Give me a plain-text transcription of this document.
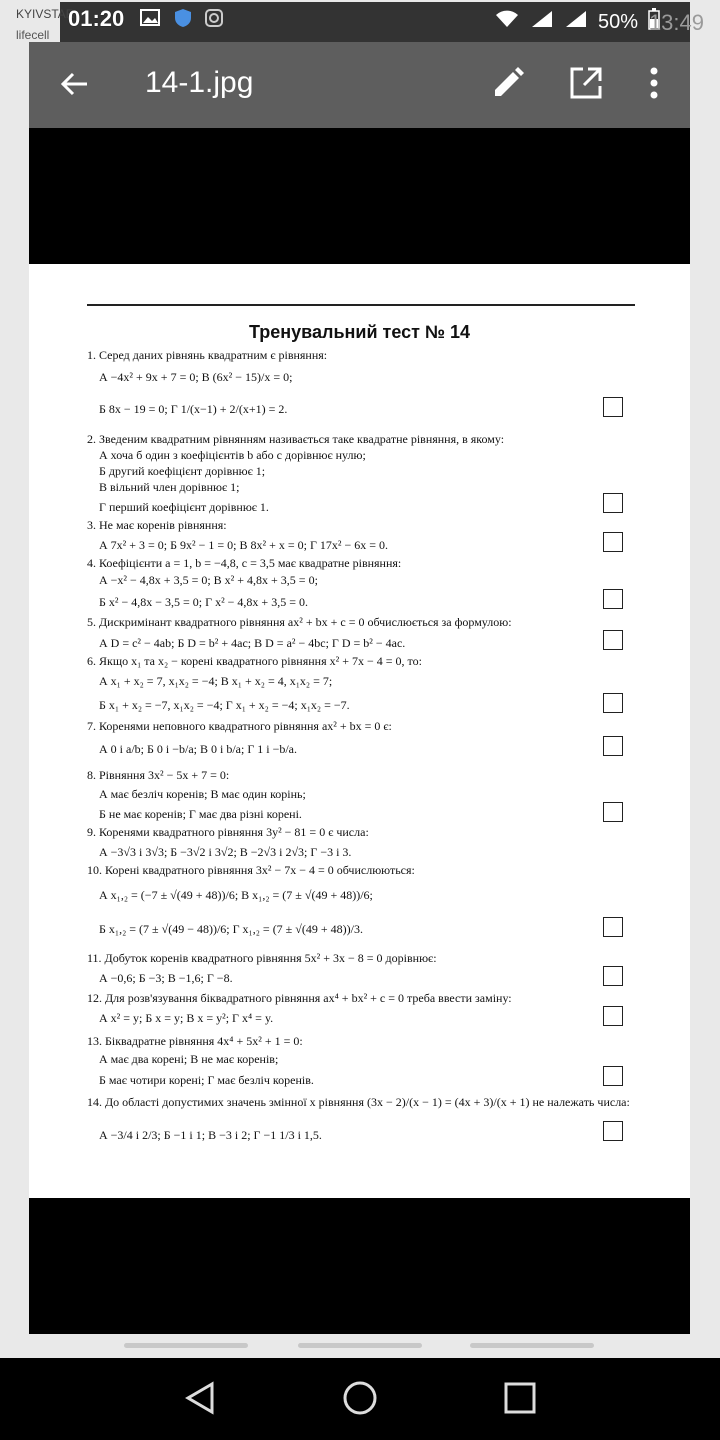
KYIVSTAR
lifecell
01:20	50% 13:49
14-1.jpg
Тренувальний тест № 14
1. Серед даних рівнянь квадратним є рівняння:
А −4x² + 9x + 7 = 0; В (6x² − 15)/x = 0;
Б 8x − 19 = 0; Г 1/(x−1) + 2/(x+1) = 2.
2. Зведеним квадратним рівнянням називається таке квадратне рівняння, в якому:
А хоча б один з коефіцієнтів b або c дорівнює нулю;
Б другий коефіцієнт дорівнює 1;
В вільний член дорівнює 1;
Г перший коефіцієнт дорівнює 1.
3. Не має коренів рівняння:
А 7x² + 3 = 0; Б 9x² − 1 = 0; В 8x² + x = 0; Г 17x² − 6x = 0.
4. Коефіцієнти a = 1, b = −4,8, c = 3,5 має квадратне рівняння:
А −x² − 4,8x + 3,5 = 0; В x² + 4,8x + 3,5 = 0;
Б x² − 4,8x − 3,5 = 0; Г x² − 4,8x + 3,5 = 0.
5. Дискримінант квадратного рівняння ax² + bx + c = 0 обчислюється за формулою:
А D = c² − 4ab; Б D = b² + 4ac; В D = a² − 4bc; Г D = b² − 4ac.
6. Якщо x₁ та x₂ − корені квадратного рівняння x² + 7x − 4 = 0, то:
А x₁ + x₂ = 7, x₁x₂ = −4; В x₁ + x₂ = 4, x₁x₂ = 7;
Б x₁ + x₂ = −7, x₁x₂ = −4; Г x₁ + x₂ = −4; x₁x₂ = −7.
7. Коренями неповного квадратного рівняння ax² + bx = 0 є:
А 0 і a/b; Б 0 і −b/a; В 0 і b/a; Г 1 і −b/a.
8. Рівняння 3x² − 5x + 7 = 0:
А має безліч коренів; В має один корінь;
Б не має коренів; Г має два різні корені.
9. Коренями квадратного рівняння 3y² − 81 = 0 є числа:
А −3√3 і 3√3; Б −3√2 і 3√2; В −2√3 і 2√3; Г −3 і 3.
10. Корені квадратного рівняння 3x² − 7x − 4 = 0 обчислюються:
А x₁,₂ = (−7 ± √(49 + 48))/6; В x₁,₂ = (7 ± √(49 + 48))/6;
Б x₁,₂ = (7 ± √(49 − 48))/6; Г x₁,₂ = (7 ± √(49 + 48))/3.
11. Добуток коренів квадратного рівняння 5x² + 3x − 8 = 0 дорівнює:
А −0,6; Б −3; В −1,6; Г −8.
12. Для розв'язування біквадратного рівняння ax⁴ + bx² + c = 0 треба ввести заміну:
А x² = y; Б x = y; В x = y²; Г x⁴ = y.
13. Біквадратне рівняння 4x⁴ + 5x² + 1 = 0:
А має два корені; В не має коренів;
Б має чотири корені; Г має безліч коренів.
14. До області допустимих значень змінної x рівняння (3x − 2)/(x − 1) = (4x + 3)/(x + 1) не належать числа:
А −3/4 і 2/3; Б −1 і 1; В −3 і 2; Г −1 1/3 і 1,5.
